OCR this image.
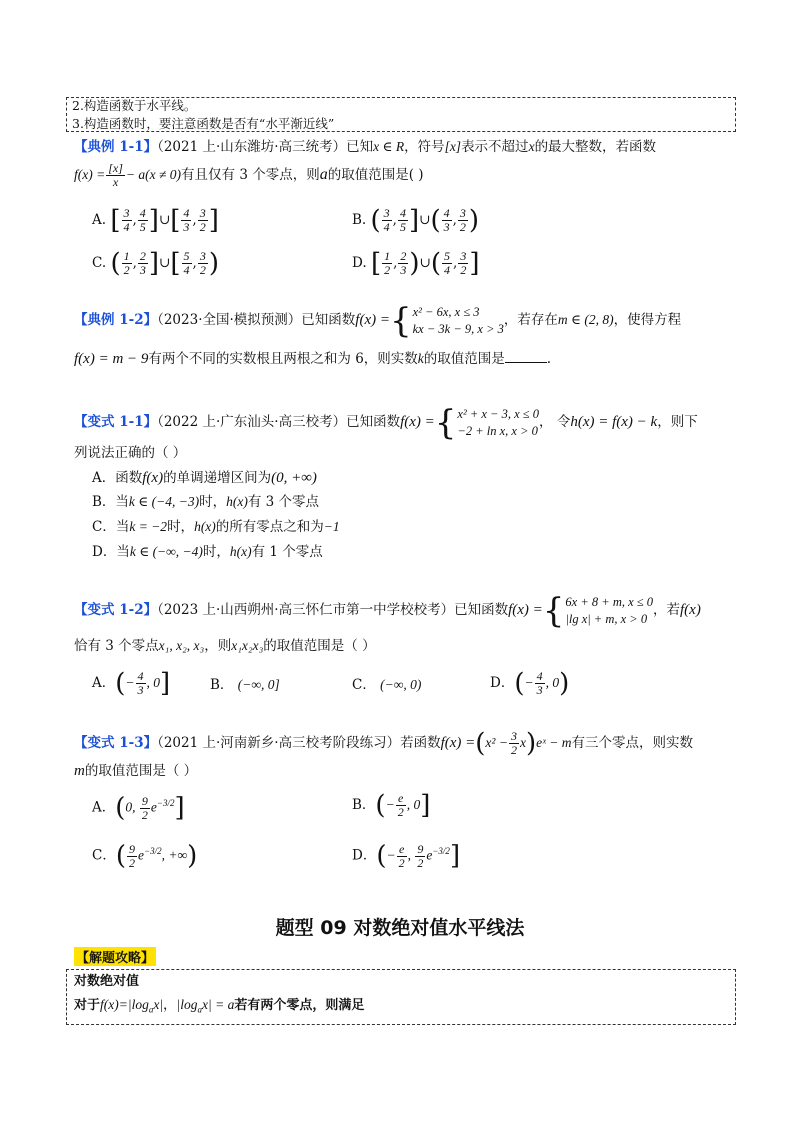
2.构造函数于水平线。
3.构造函数时，要注意函数是否有“水平渐近线”
【典例 1-1】（2021 上·山东潍坊·高三统考）已知x ∈ R，符号[x]表示不超过x的最大整数，若函数
$f(x) = \frac{[x]}{x} - a(x \ne 0)$有且仅有 3 个零点，则a的取值范围是( )
A. [ $\frac{3}{4}$ , $\frac{4}{5}$ ]∪[ $\frac{4}{3}$ , $\frac{3}{2}$ ]	B. ( $\frac{3}{4}$ , $\frac{4}{5}$ ]∪( $\frac{4}{3}$ , $\frac{3}{2}$ )
C. ( $\frac{1}{2}$ , $\frac{2}{3}$ ]∪[ $\frac{5}{4}$ , $\frac{3}{2}$ )	D. [ $\frac{1}{2}$ , $\frac{2}{3}$ )∪( $\frac{5}{4}$ , $\frac{3}{2}$ ]
【典例 1-2】（2023·全国·模拟预测）已知函数f(x) ={x² − 6x, x ≤ 3
kx − 3k − 9, x > 3，若存在m ∈ (2, 8)，使得方程
f(x) = m − 9有两个不同的实数根且两根之和为 6，则实数k的取值范围是	.
【变式 1-1】（2022 上·广东汕头·高三校考）已知函数f(x) ={x² + x − 3, x ≤ 0
−2 + ln x, x > 0， 令h(x) = f(x) − k，则下
列说法正确的（ ）
A．函数f(x)的单调递增区间为(0, +∞)
B．当k ∈ (−4, −3)时，h(x)有 3 个零点
C．当k = −2时，h(x)的所有零点之和为−1
D．当k ∈ (−∞, −4)时，h(x)有 1 个零点
【变式 1-2】（2023 上·山西朔州·高三怀仁市第一中学校校考）已知函数f(x) ={6x + 8 + m, x ≤ 0
|lg x| + m, x > 0，若f(x)
恰有 3 个零点x₁, x₂, x₃，则x₁x₂x₃的取值范围是（ ）
A．(− $\frac{4}{3}$ , 0]	B． (−∞, 0]	C． (−∞, 0)	D．(− $\frac{4}{3}$ , 0)
【变式 1-3】（2021 上·河南新乡·高三校考阶段练习）若函数$f(x) =(x^2 - \frac{3}{2}$ x)eˣ − m有三个零点，则实数
m的取值范围是（ ）
A．(0, $\frac{9}{2} e^{-3/2}$]	B．(− $\frac{e}{2}$ , 0]
C．( $\frac{9}{2} e^{-3/2}$, +∞)	D．(− $\frac{e}{2}$ , $\frac{9}{2} e^{-3/2}$]
题型 09 对数绝对值水平线法
【解题攻略】
对数绝对值
对于$f(x)=|\log_ax|$，$|\log_ax| = a$若有两个零点，则满足
